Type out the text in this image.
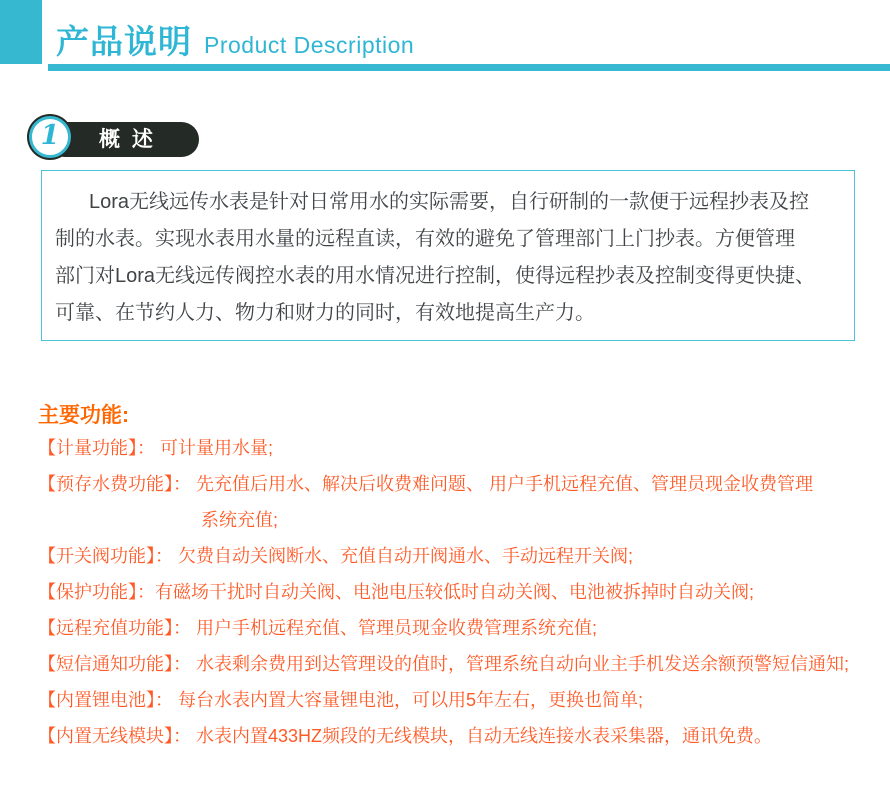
产品说明 Product Description
概 述
1
Lora无线远传水表是针对日常用水的实际需要，自行研制的一款便于远程抄表及控
制的水表。实现水表用水量的远程直读，有效的避免了管理部门上门抄表。方便管理
部门对Lora无线远传阀控水表的用水情况进行控制，使得远程抄表及控制变得更快捷、
可靠、在节约人力、物力和财力的同时，有效地提高生产力。
主要功能:
【计量功能】： 可计量用水量;
【预存水费功能】： 先充值后用水、解决后收费难问题、 用户手机远程充值、管理员现金收费管理
系统充值;
【开关阀功能】： 欠费自动关阀断水、充值自动开阀通水、手动远程开关阀;
【保护功能】：有磁场干扰时自动关阀、电池电压较低时自动关阀、电池被拆掉时自动关阀;
【远程充值功能】： 用户手机远程充值、管理员现金收费管理系统充值;
【短信通知功能】： 水表剩余费用到达管理设的值时，管理系统自动向业主手机发送余额预警短信通知;
【内置锂电池】： 每台水表内置大容量锂电池，可以用5年左右，更换也简单;
【内置无线模块】： 水表内置433HZ频段的无线模块，自动无线连接水表采集器，通讯免费。
